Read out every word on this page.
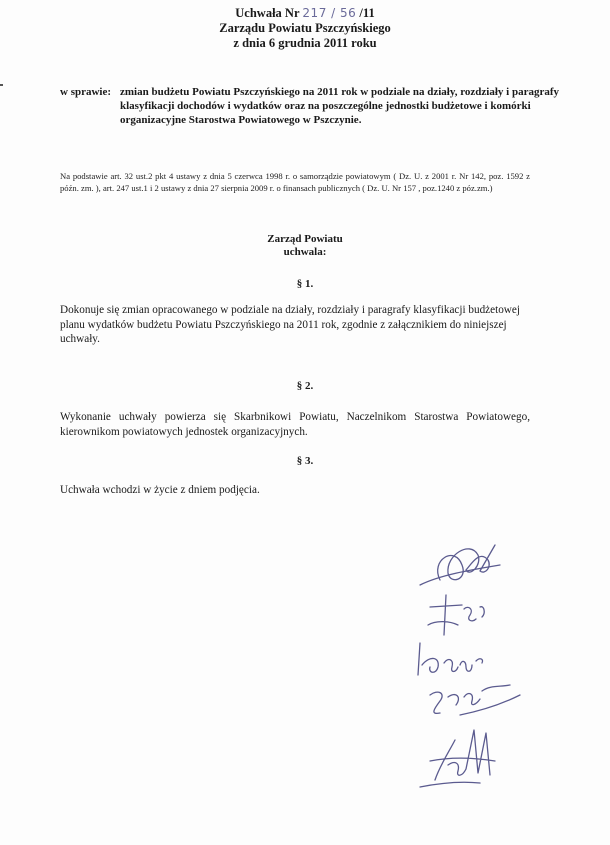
Uchwała Nr 217 / 56 /11
Zarządu Powiatu Pszczyńskiego
z dnia 6 grudnia 2011 roku
w sprawie: zmian budżetu Powiatu Pszczyńskiego na 2011 rok w podziale na działy, rozdziały i paragrafy klasyfikacji dochodów i wydatków oraz na poszczególne jednostki budżetowe i komórki organizacyjne Starostwa Powiatowego w Pszczynie.
Na podstawie art. 32 ust.2 pkt 4 ustawy z dnia 5 czerwca 1998 r. o samorządzie powiatowym ( Dz. U. z 2001 r. Nr 142, poz. 1592 z późn. zm. ), art. 247 ust.1 i 2 ustawy z dnia 27 sierpnia 2009 r. o finansach publicznych ( Dz. U. Nr 157 , poz.1240 z póz.zm.)
Zarząd Powiatu
uchwala:
§ 1.
Dokonuje się zmian opracowanego w podziale na działy, rozdziały i paragrafy klasyfikacji budżetowej planu wydatków budżetu Powiatu Pszczyńskiego na 2011 rok, zgodnie z załącznikiem do niniejszej uchwały.
§ 2.
Wykonanie uchwały powierza się Skarbnikowi Powiatu, Naczelnikom Starostwa Powiatowego, kierownikom powiatowych jednostek organizacyjnych.
§ 3.
Uchwała wchodzi w życie z dniem podjęcia.
